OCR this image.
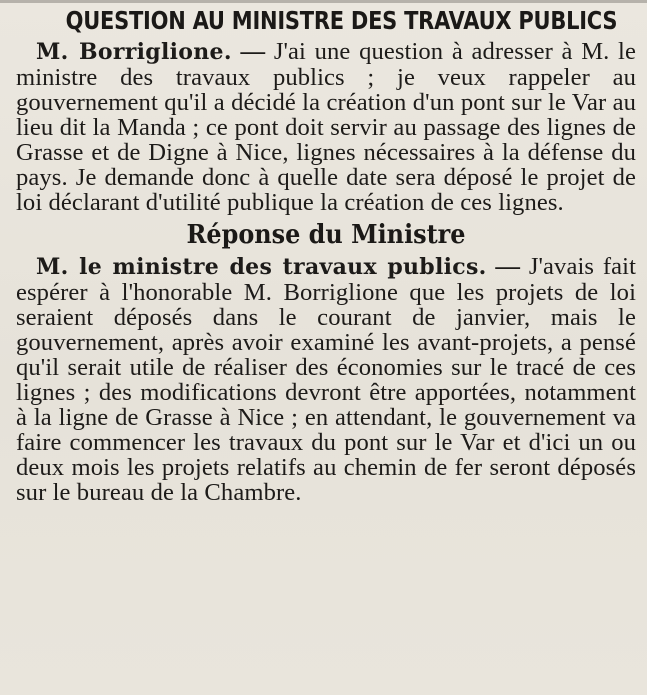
QUESTION AU MINISTRE DES TRAVAUX PUBLICS

M. Borriglione. — J'ai une question à adresser à M. le ministre des travaux publics ; je veux rappeler au gouvernement qu'il a décidé la création d'un pont sur le Var au lieu dit la Manda ; ce pont doit servir au passage des lignes de Grasse et de Digne à Nice, lignes nécessaires à la défense du pays. Je demande donc à quelle date sera déposé le projet de loi déclarant d'utilité publique la création de ces lignes.

Réponse du Ministre

M. le ministre des travaux publics. — J'avais fait espérer à l'honorable M. Borriglione que les projets de loi seraient déposés dans le courant de janvier, mais le gouvernement, après avoir examiné les avant-projets, a pensé qu'il serait utile de réaliser des économies sur le tracé de ces lignes ; des modifications devront être apportées, notamment à la ligne de Grasse à Nice ; en attendant, le gouvernement va faire commencer les travaux du pont sur le Var et d'ici un ou deux mois les projets relatifs au chemin de fer seront déposés sur le bureau de la Chambre.
